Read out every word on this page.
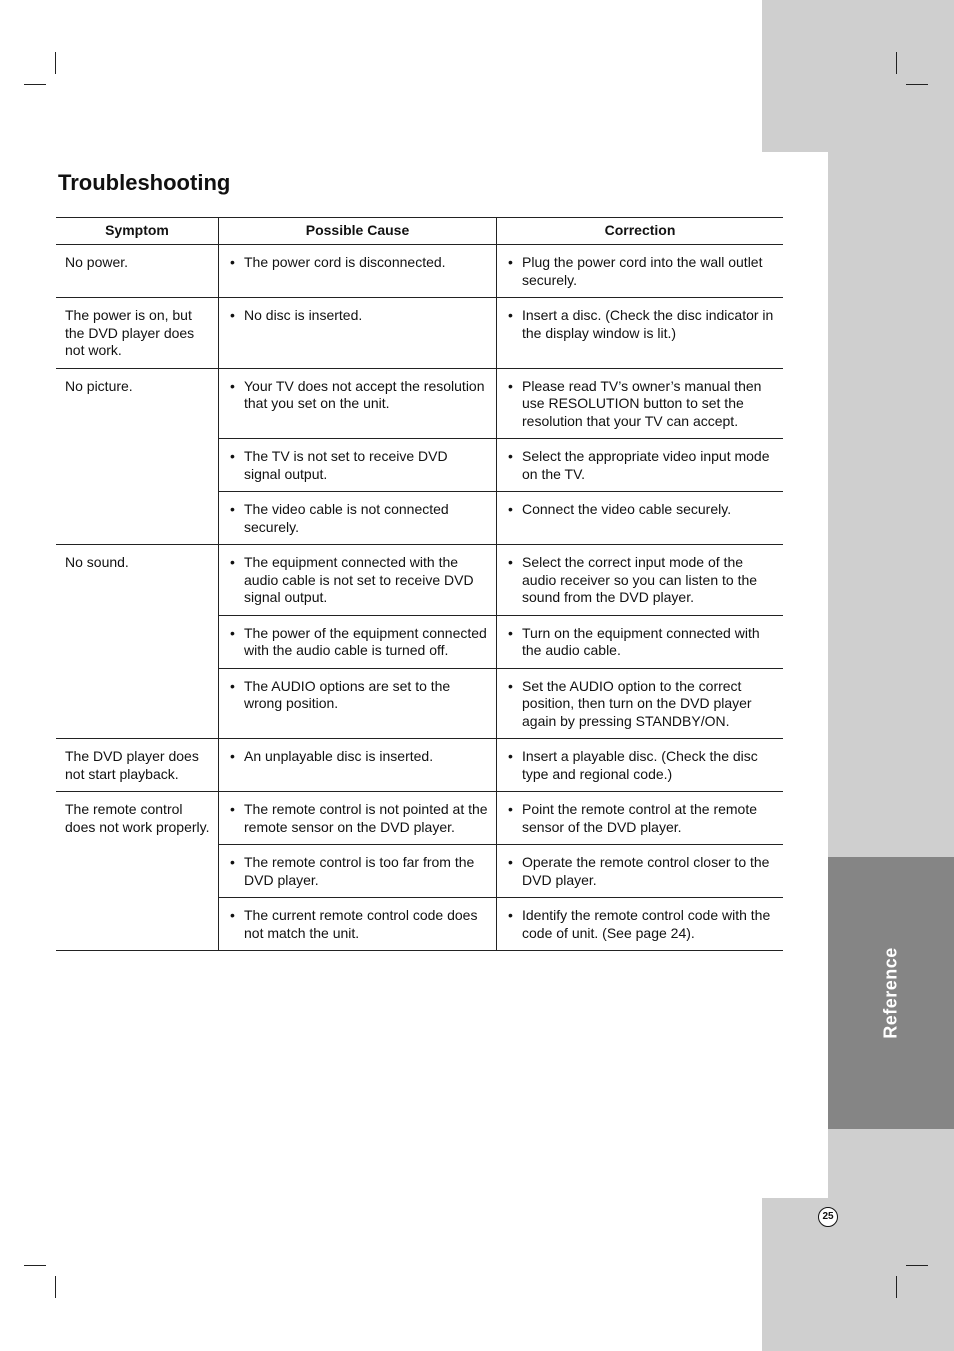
Reference
25
Troubleshooting
Symptom	Possible Cause	Correction
No power.	• The power cord is disconnected.	• Plug the power cord into the wall outlet securely.

The power is on, but the DVD player does not work.	• No disc is inserted.	• Insert a disc. (Check the disc indicator in the display window is lit.)

No picture.	• Your TV does not accept the resolution that you set on the unit.	• Please read TV’s owner’s manual then use RESOLUTION button to set the resolution that your TV can accept.

	• The TV is not set to receive DVD signal output.	• Select the appropriate video input mode on the TV.

	• The video cable is not connected securely.	• Connect the video cable securely.

No sound.	• The equipment connected with the audio cable is not set to receive DVD signal output.	• Select the correct input mode of the audio receiver so you can listen to the sound from the DVD player.

	• The power of the equipment connected with the audio cable is turned off.	• Turn on the equipment connected with the audio cable.

	• The AUDIO options are set to the wrong position.	• Set the AUDIO option to the correct position, then turn on the DVD player again by pressing STANDBY/ON.

The DVD player does not start playback.	• An unplayable disc is inserted.	• Insert a playable disc. (Check the disc type and regional code.)

The remote control does not work properly.	• The remote control is not pointed at the remote sensor on the DVD player.	• Point the remote control at the remote sensor of the DVD player.

	• The remote control is too far from the DVD player.	• Operate the remote control closer to the DVD player.

	• The current remote control code does not match the unit.	• Identify the remote control code with the code of unit. (See page 24).
